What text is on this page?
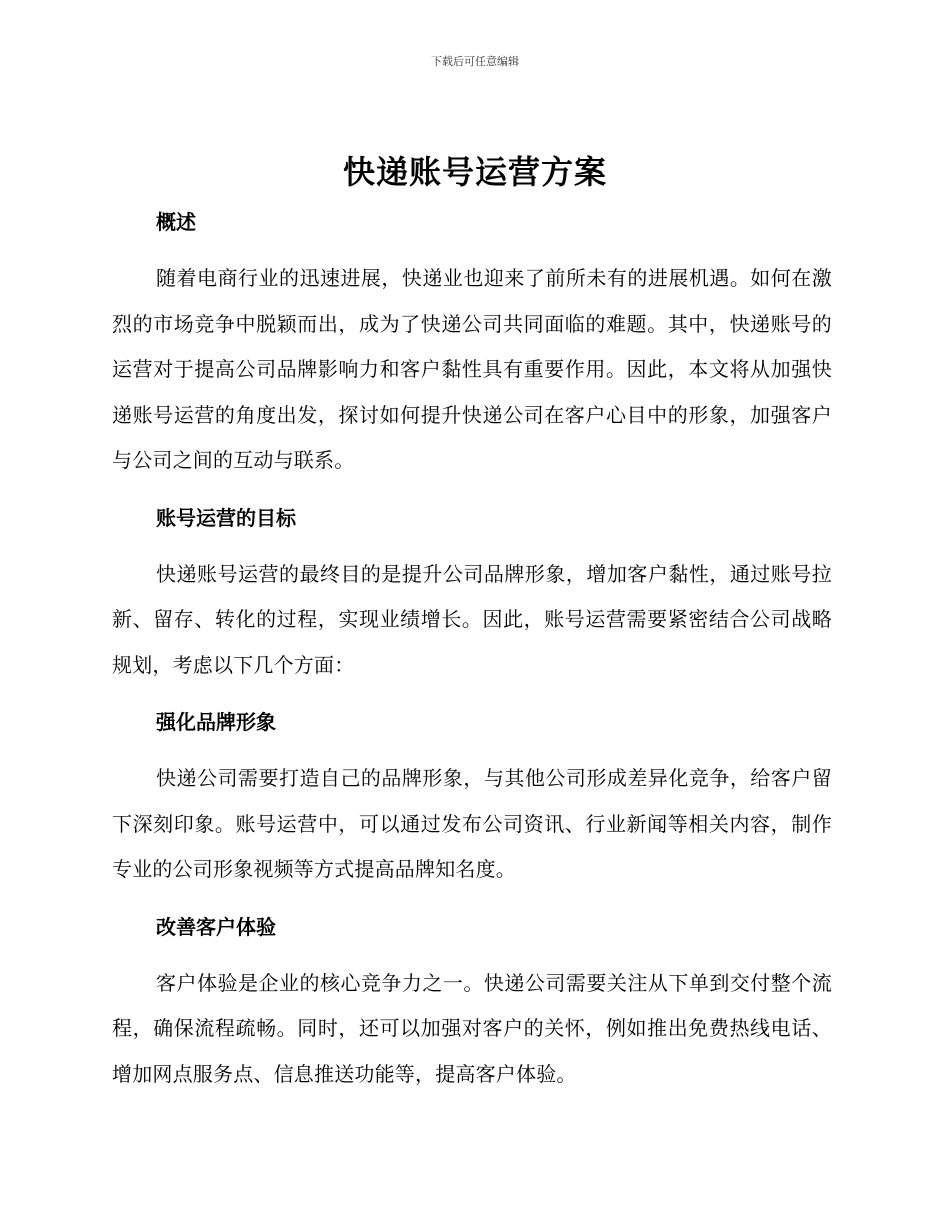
下载后可任意编辑
快递账号运营方案
概述

随着电商行业的迅速进展，快递业也迎来了前所未有的进展机遇。如何在激烈的市场竞争中脱颖而出，成为了快递公司共同面临的难题。其中，快递账号的运营对于提高公司品牌影响力和客户黏性具有重要作用。因此，本文将从加强快递账号运营的角度出发，探讨如何提升快递公司在客户心目中的形象，加强客户与公司之间的互动与联系。

账号运营的目标

快递账号运营的最终目的是提升公司品牌形象，增加客户黏性，通过账号拉新、留存、转化的过程，实现业绩增长。因此，账号运营需要紧密结合公司战略规划，考虑以下几个方面：

强化品牌形象

快递公司需要打造自己的品牌形象，与其他公司形成差异化竞争，给客户留下深刻印象。账号运营中，可以通过发布公司资讯、行业新闻等相关内容，制作专业的公司形象视频等方式提高品牌知名度。

改善客户体验

客户体验是企业的核心竞争力之一。快递公司需要关注从下单到交付整个流程，确保流程疏畅。同时，还可以加强对客户的关怀，例如推出免费热线电话、增加网点服务点、信息推送功能等，提高客户体验。
